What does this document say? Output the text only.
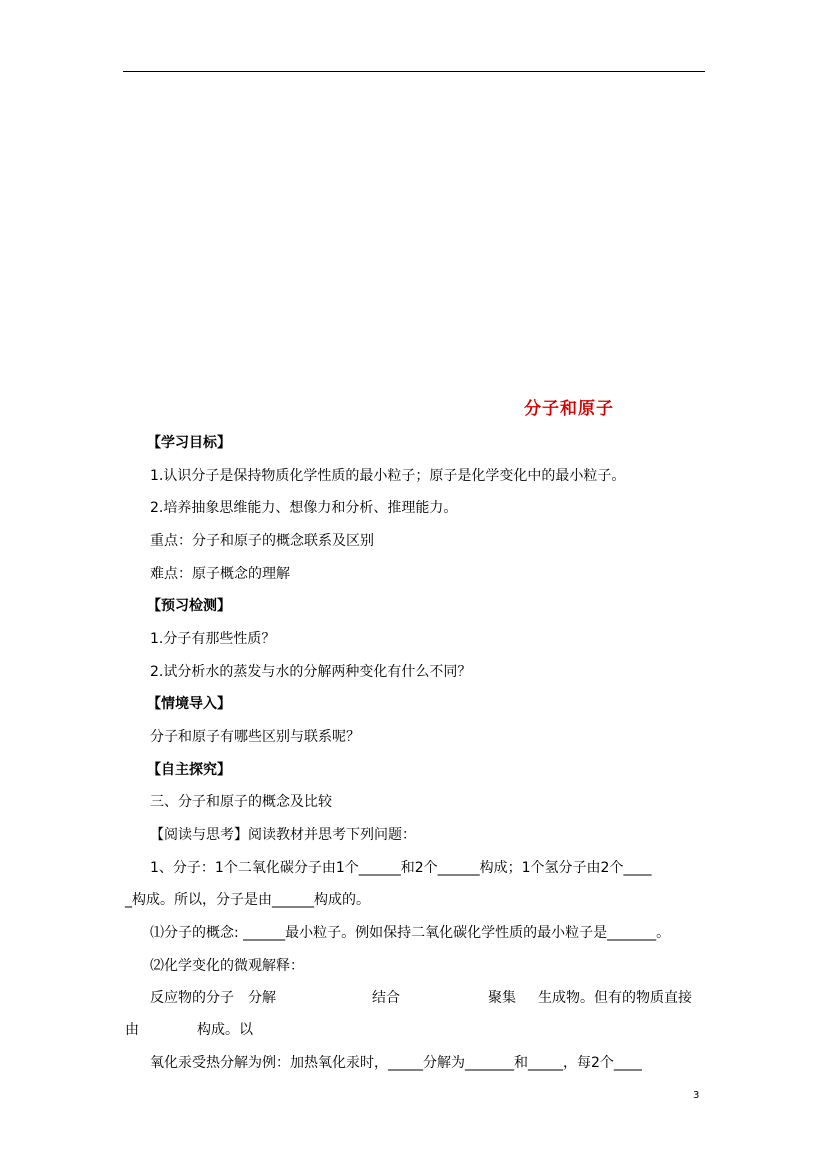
分子和原子
【学习目标】
1.认识分子是保持物质化学性质的最小粒子；原子是化学变化中的最小粒子。
2.培养抽象思维能力、想像力和分析、推理能力。
重点：分子和原子的概念联系及区别
难点：原子概念的理解
【预习检测】
1.分子有那些性质？
2.试分析水的蒸发与水的分解两种变化有什么不同？
【情境导入】
分子和原子有哪些区别与联系呢？
【自主探究】
三、分子和原子的概念及比较
【阅读与思考】阅读教材并思考下列问题：
1、分子：1个二氧化碳分子由1个______和2个______构成；1个氢分子由2个____
_构成。所以，分子是由______构成的。
⑴分子的概念: ______最小粒子。例如保持二氧化碳化学性质的最小粒子是_______。
⑵化学变化的微观解释：
反应物的分子 分解	结合	聚集 生成物。但有的物质直接
由	构成。以
氧化汞受热分解为例：加热氧化汞时，_____分解为_______和_____，每2个____
3
